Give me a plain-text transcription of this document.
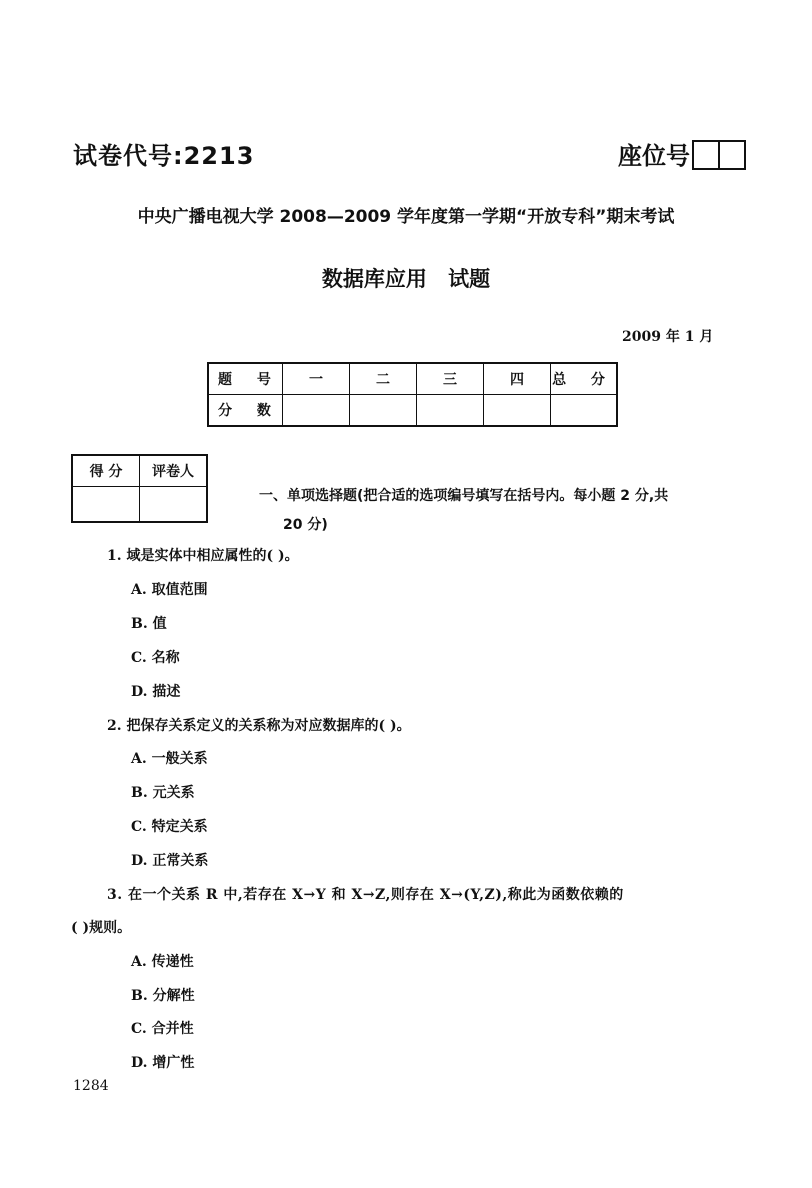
试卷代号:2213	座位号
中央广播电视大学 2008—2009 学年度第一学期“开放专科”期末考试
数据库应用 试题
2009 年 1 月
题 号	一	二	三	四	总 分
分 数					
得 分	评卷人

一、单项选择题(把合适的选项编号填写在括号内。每小题 2 分,共
20 分)
1. 域是实体中相应属性的( )。
A. 取值范围
B. 值
C. 名称
D. 描述
2. 把保存关系定义的关系称为对应数据库的( )。
A. 一般关系
B. 元关系
C. 特定关系
D. 正常关系
3. 在一个关系 R 中,若存在 X→Y 和 X→Z,则存在 X→(Y,Z),称此为函数依赖的
( )规则。
A. 传递性
B. 分解性
C. 合并性
D. 增广性
1284
